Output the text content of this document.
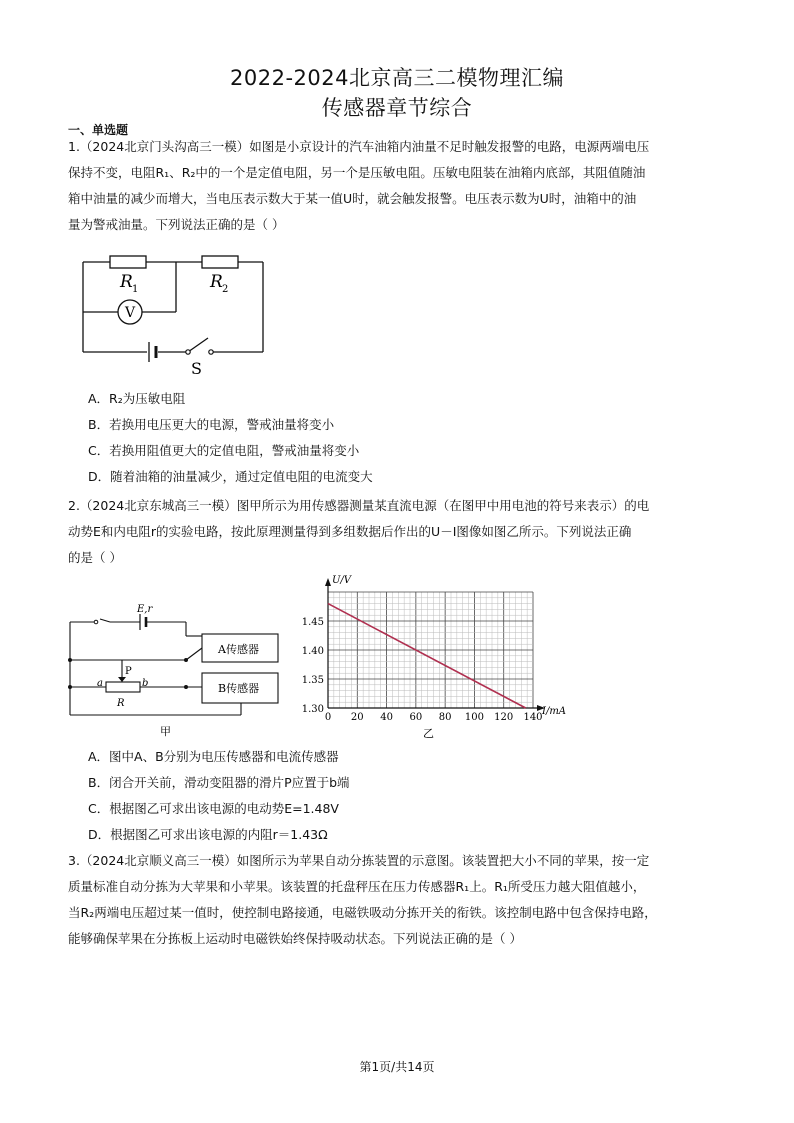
2022-2024北京高三二模物理汇编
传感器章节综合
一、单选题
1.（2024北京门头沟高三一模）如图是小京设计的汽车油箱内油量不足时触发报警的电路，电源两端电压
保持不变，电阻R₁、R₂中的一个是定值电阻，另一个是压敏电阻。压敏电阻装在油箱内底部，其阻值随油
箱中油量的减少而增大，当电压表示数大于某一值U时，就会触发报警。电压表示数为U时，油箱中的油
量为警戒油量。下列说法正确的是（ ）
V
R 1	R 2
S
A．R₂为压敏电阻
B．若换用电压更大的电源，警戒油量将变小
C．若换用阻值更大的定值电阻，警戒油量将变小
D．随着油箱的油量减少，通过定值电阻的电流变大
2.（2024北京东城高三一模）图甲所示为用传感器测量某直流电源（在图甲中用电池的符号来表示）的电
动势E和内电阻r的实验电路，按此原理测量得到多组数据后作出的U－I图像如图乙所示。下列说法正确
的是（ ）
A传感器
B传感器
E,r
a	b
P
R
甲
0 20 40 60 80 100 120 140
1.30
1.35
1.40
1.45
U/V
I/mA
乙
A．图中A、B分别为电压传感器和电流传感器
B．闭合开关前，滑动变阻器的滑片P应置于b端
C．根据图乙可求出该电源的电动势E=1.48V
D．根据图乙可求出该电源的内阻r＝1.43Ω
3.（2024北京顺义高三一模）如图所示为苹果自动分拣装置的示意图。该装置把大小不同的苹果，按一定
质量标准自动分拣为大苹果和小苹果。该装置的托盘秤压在压力传感器R₁上。R₁所受压力越大阻值越小，
当R₂两端电压超过某一值时，使控制电路接通，电磁铁吸动分拣开关的衔铁。该控制电路中包含保持电路，
能够确保苹果在分拣板上运动时电磁铁始终保持吸动状态。下列说法正确的是（ ）
第1页/共14页
